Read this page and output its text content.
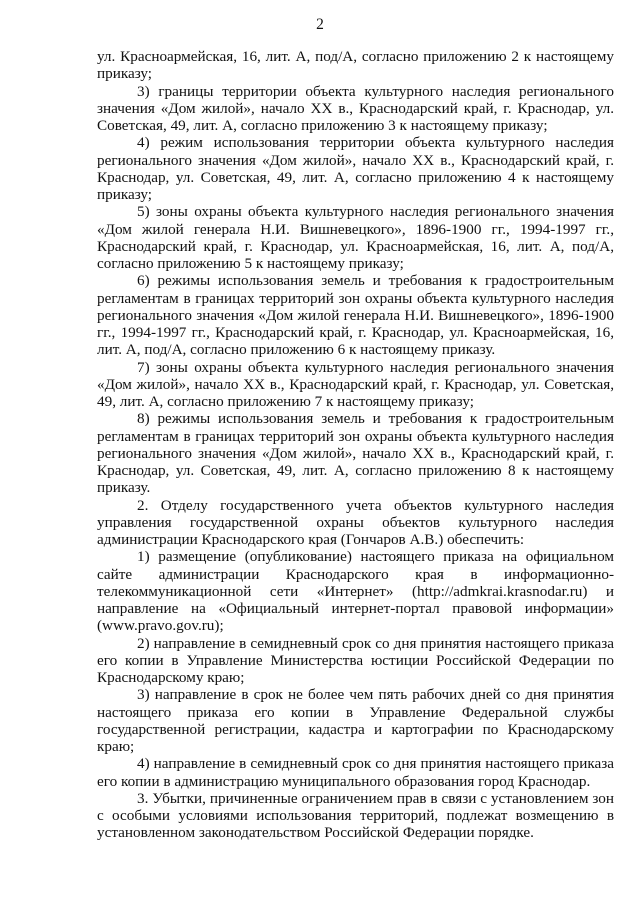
2

ул. Красноармейская, 16, лит. А, под/А, согласно приложению 2 к настоящему приказу;

3) границы территории объекта культурного наследия регионального значения «Дом жилой», начало XX в., Краснодарский край, г. Краснодар, ул. Советская, 49, лит. А, согласно приложению 3 к настоящему приказу;

4) режим использования территории объекта культурного наследия регионального значения «Дом жилой», начало XX в., Краснодарский край, г. Краснодар, ул. Советская, 49, лит. А, согласно приложению 4 к настоящему приказу;

5) зоны охраны объекта культурного наследия регионального значения «Дом жилой генерала Н.И. Вишневецкого», 1896-1900 гг., 1994-1997 гг., Краснодарский край, г. Краснодар, ул. Красноармейская, 16, лит. А, под/А, согласно приложению 5 к настоящему приказу;

6) режимы использования земель и требования к градостроительным регламентам в границах территорий зон охраны объекта культурного наследия регионального значения «Дом жилой генерала Н.И. Вишневецкого», 1896-1900 гг., 1994-1997 гг., Краснодарский край, г. Краснодар, ул. Красноармейская, 16, лит. А, под/А, согласно приложению 6 к настоящему приказу.

7) зоны охраны объекта культурного наследия регионального значения «Дом жилой», начало XX в., Краснодарский край, г. Краснодар, ул. Советская, 49, лит. А, согласно приложению 7 к настоящему приказу;

8) режимы использования земель и требования к градостроительным регламентам в границах территорий зон охраны объекта культурного наследия регионального значения «Дом жилой», начало XX в., Краснодарский край, г. Краснодар, ул. Советская, 49, лит. А, согласно приложению 8 к настоящему приказу.

2. Отделу государственного учета объектов культурного наследия управления государственной охраны объектов культурного наследия администрации Краснодарского края (Гончаров А.В.) обеспечить:

1) размещение (опубликование) настоящего приказа на официальном сайте администрации Краснодарского края в информационно-телекоммуникационной сети «Интернет» (http://admkrai.krasnodar.ru) и направление на «Официальный интернет-портал правовой информации» (www.pravo.gov.ru);

2) направление в семидневный срок со дня принятия настоящего приказа его копии в Управление Министерства юстиции Российской Федерации по Краснодарскому краю;

3) направление в срок не более чем пять рабочих дней со дня принятия настоящего приказа его копии в Управление Федеральной службы государственной регистрации, кадастра и картографии по Краснодарскому краю;

4) направление в семидневный срок со дня принятия настоящего приказа его копии в администрацию муниципального образования город Краснодар.

3. Убытки, причиненные ограничением прав в связи с установлением зон с особыми условиями использования территорий, подлежат возмещению в установленном законодательством Российской Федерации порядке.
